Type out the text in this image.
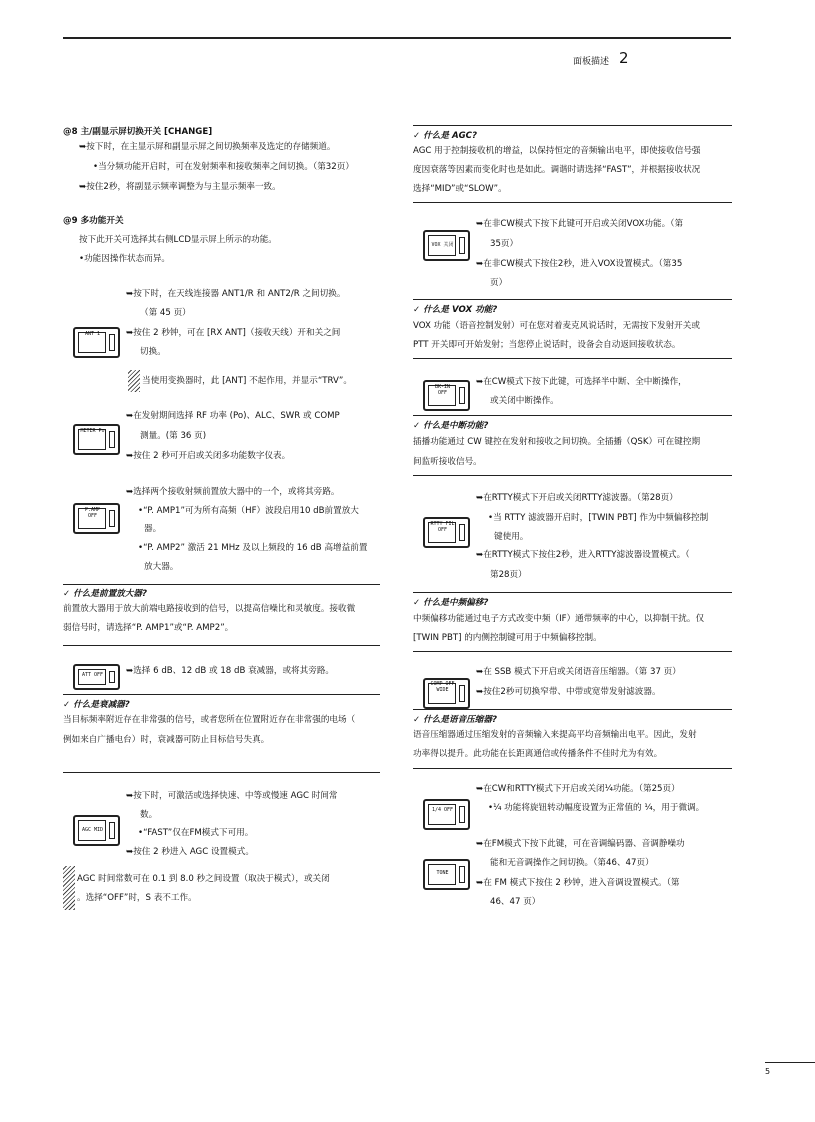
面板描述 2
@8 主/副显示屏切换开关 [CHANGE]
➥按下时，在主显示屏和副显示屏之间切换频率及选定的存储频道。
•当分频功能开启时，可在发射频率和接收频率之间切换。（第32页）
➥按住2秒，将副显示频率调整为与主显示频率一致。
@9 多功能开关
按下此开关可选择其右侧LCD显示屏上所示的功能。
•功能因操作状态而异。
ANT 1
➥按下时，在天线连接器 ANT1/R 和 ANT2/R 之间切换。
（第 45 页）
➥按住 2 秒钟，可在 [RX ANT]（接收天线）开和关之间
切换。
当使用变换器时，此 [ANT] 不起作用，并显示“TRV”。
METER Po
➥在发射期间选择 RF 功率 (Po)、ALC、SWR 或 COMP
测量。(第 36 页)
➥按住 2 秒可开启或关闭多功能数字仪表。
P.AMP OFF
➥选择两个接收射频前置放大器中的一个，或将其旁路。
•“P. AMP1”可为所有高频（HF）波段启用10 dB前置放大
器。
•“P. AMP2” 激活 21 MHz 及以上频段的 16 dB 高增益前置
放大器。
✓ 什么是前置放大器?
前置放大器用于放大前端电路接收到的信号，以提高信噪比和灵敏度。接收微
弱信号时，请选择“P. AMP1”或“P. AMP2”。
ATT OFF	➥选择 6 dB、12 dB 或 18 dB 衰减器，或将其旁路。
✓ 什么是衰减器?
当目标频率附近存在非常强的信号，或者您所在位置附近存在非常强的电场（
例如来自广播电台）时，衰减器可防止目标信号失真。
AGC MID
➥按下时，可激活或选择快速、中等或慢速 AGC 时间常
数。
•“FAST”仅在FM模式下可用。
➥按住 2 秒进入 AGC 设置模式。
AGC 时间常数可在 0.1 到 8.0 秒之间设置（取决于模式），或关闭
。选择“OFF”时，S 表不工作。
✓ 什么是 AGC?
AGC 用于控制接收机的增益，以保持恒定的音频输出电平，即使接收信号强
度因衰落等因素而变化时也是如此。调谐时请选择“FAST”，并根据接收状况
选择“MID”或“SLOW”。
VOX 关闭
➥在非CW模式下按下此键可开启或关闭VOX功能。（第
35页）
➥在非CW模式下按住2秒，进入VOX设置模式。（第35
页）
✓ 什么是 VOX 功能?
VOX 功能（语音控制发射）可在您对着麦克风说话时，无需按下发射开关或
PTT 开关即可开始发射；当您停止说话时，设备会自动返回接收状态。
BK-IN OFF
➥在CW模式下按下此键，可选择半中断、全中断操作，
或关闭中断操作。
✓ 什么是中断功能?
插播功能通过 CW 键控在发射和接收之间切换。全插播（QSK）可在键控期
间监听接收信号。
RTTY FIL OFF
➥在RTTY模式下开启或关闭RTTY滤波器。（第28页）
•当 RTTY 滤波器开启时，[TWIN PBT] 作为中频偏移控制
键使用。
➥在RTTY模式下按住2秒，进入RTTY滤波器设置模式。（
第28页）
✓ 什么是中频偏移?
中频偏移功能通过电子方式改变中频（IF）通带频率的中心，以抑制干扰。仅
[TWIN PBT] 的内侧控制键可用于中频偏移控制。
COMP OFF WIDE
➥在 SSB 模式下开启或关闭语音压缩器。（第 37 页）
➥按住2秒可切换窄带、中带或宽带发射滤波器。
✓ 什么是语音压缩器?
语音压缩器通过压缩发射的音频输入来提高平均音频输出电平。因此，发射
功率得以提升。此功能在长距离通信或传播条件不佳时尤为有效。
1/4 OFF
➥在CW和RTTY模式下开启或关闭¹⁄₄功能。（第25页）
•¹⁄₄ 功能将旋钮转动幅度设置为正常值的 ¹⁄₄，用于微调。
TONE
➥在FM模式下按下此键，可在音调编码器、音调静噪功
能和无音调操作之间切换。（第46、47页）
➥在 FM 模式下按住 2 秒钟，进入音调设置模式。（第
46、47 页）
5
